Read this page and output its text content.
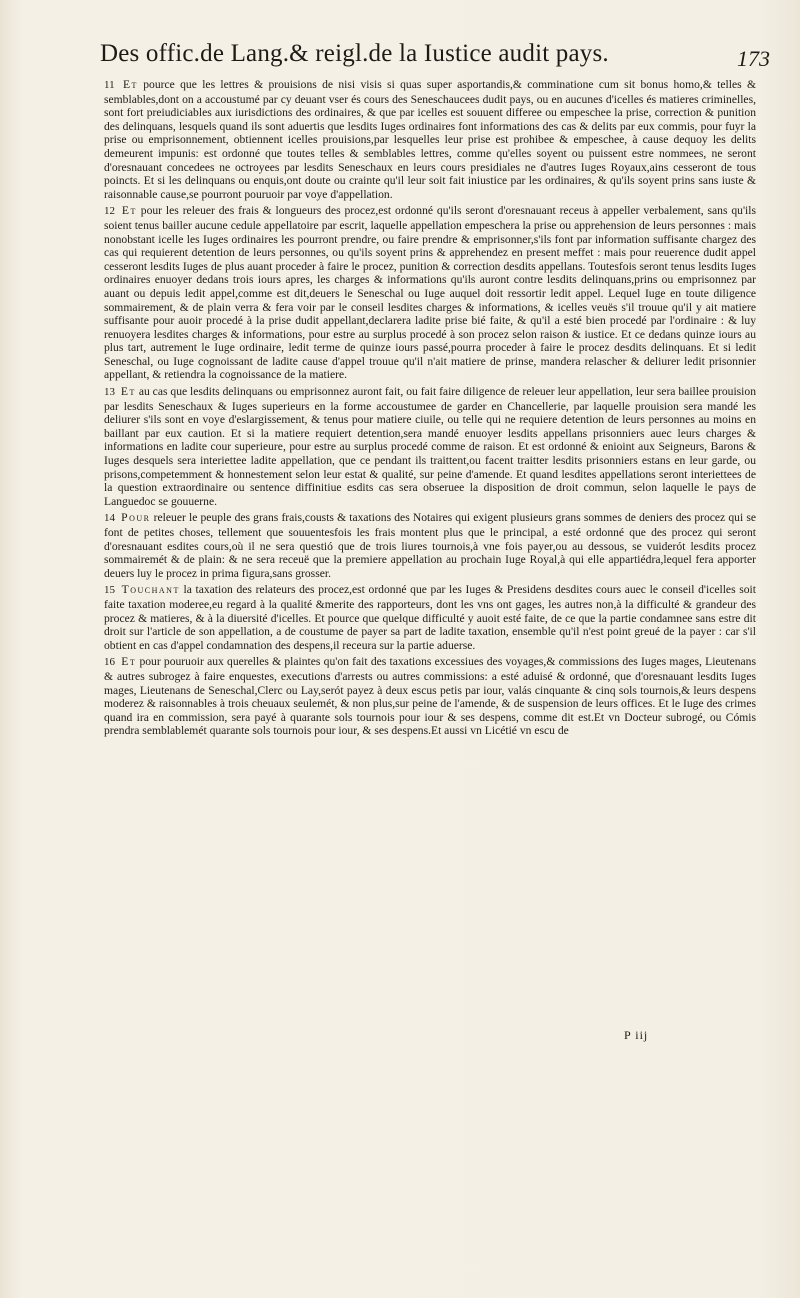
Des offic.de Lang.& reigl.de la Iustice audit pays.	173

11 Et pource que les lettres & prouisions de nisi visis si quas super asportandis,& comminatione cum sit bonus homo,& telles & semblables,dont on a accoustumé par cy deuant vser és cours des Seneschaucees dudit pays, ou en aucunes d'icelles és matieres criminelles, sont fort preiudiciables aux iurisdictions des ordinaires, & que par icelles est souuent differee ou empeschee la prise, correction & punition des delinquans, lesquels quand ils sont aduertis que lesdits Iuges ordinaires font informations des cas & delits par eux commis, pour fuyr la prise ou emprisonnement, obtiennent icelles prouisions,par lesquelles leur prise est prohibee & empeschee, à cause dequoy les delits demeurent impunis: est ordonné que toutes telles & semblables lettres, comme qu'elles soyent ou puissent estre nommees, ne seront d'oresnauant concedees ne octroyees par lesdits Seneschaux en leurs cours presidiales ne d'autres Iuges Royaux,ains cesseront de tous poincts. Et si les delinquans ou enquis,ont doute ou crainte qu'il leur soit fait iniustice par les ordinaires, & qu'ils soyent prins sans iuste & raisonnable cause,se pourront pouruoir par voye d'appellation.

12 Et pour les releuer des frais & longueurs des procez,est ordonné qu'ils seront d'oresnauant receus à appeller verbalement, sans qu'ils soient tenus bailler aucune cedule appellatoire par escrit, laquelle appellation empeschera la prise ou apprehension de leurs personnes : mais nonobstant icelle les Iuges ordinaires les pourront prendre, ou faire prendre & emprisonner,s'ils font par information suffisante chargez des cas qui requierent detention de leurs personnes, ou qu'ils soyent prins & apprehendez en present meffet : mais pour reuerence dudit appel cesseront lesdits Iuges de plus auant proceder à faire le procez, punition & correction desdits appellans. Toutesfois seront tenus lesdits Iuges ordinaires enuoyer dedans trois iours apres, les charges & informations qu'ils auront contre lesdits delinquans,prins ou emprisonnez par auant ou depuis ledit appel,comme est dit,deuers le Seneschal ou Iuge auquel doit ressortir ledit appel. Lequel Iuge en toute diligence sommairement, & de plain verra & fera voir par le conseil lesdites charges & informations, & icelles veuës s'il trouue qu'il y ait matiere suffisante pour auoir procedé à la prise dudit appellant,declarera ladite prise bié faite, & qu'il a esté bien procedé par l'ordinaire : & luy renuoyera lesdites charges & informations, pour estre au surplus procedé à son procez selon raison & iustice. Et ce dedans quinze iours au plus tart, autrement le Iuge ordinaire, ledit terme de quinze iours passé,pourra proceder à faire le procez desdits delinquans. Et si ledit Seneschal, ou Iuge cognoissant de ladite cause d'appel trouue qu'il n'ait matiere de prinse, mandera relascher & deliurer ledit prisonnier appellant, & retiendra la cognoissance de la matiere.

13 Et au cas que lesdits delinquans ou emprisonnez auront fait, ou fait faire diligence de releuer leur appellation, leur sera baillee prouision par lesdits Seneschaux & Iuges superieurs en la forme accoustumee de garder en Chancellerie, par laquelle prouision sera mandé les deliurer s'ils sont en voye d'eslargissement, & tenus pour matiere ciuile, ou telle qui ne requiere detention de leurs personnes au moins en baillant par eux caution. Et si la matiere requiert detention,sera mandé enuoyer lesdits appellans prisonniers auec leurs charges & informations en ladite cour superieure, pour estre au surplus procedé comme de raison. Et est ordonné & enioint aux Seigneurs, Barons & Iuges desquels sera interiettee ladite appellation, que ce pendant ils traittent,ou facent traitter lesdits prisonniers estans en leur garde, ou prisons,competemment & honnestement selon leur estat & qualité, sur peine d'amende. Et quand lesdites appellations seront interiettees de la question extraordinaire ou sentence diffinitiue esdits cas sera obseruee la disposition de droit commun, selon laquelle le pays de Languedoc se gouuerne.

14 Pour releuer le peuple des grans frais,cousts & taxations des Notaires qui exigent plusieurs grans sommes de deniers des procez qui se font de petites choses, tellement que souuentesfois les frais montent plus que le principal, a esté ordonné que des procez qui seront d'oresnauant esdites cours,où il ne sera questió que de trois liures tournois,à vne fois payer,ou au dessous, se vuiderót lesdits procez sommairemét & de plain: & ne sera receuë que la premiere appellation au prochain Iuge Royal,à qui elle appartiédra,lequel fera apporter deuers luy le procez in prima figura,sans grosser.

15 Touchant la taxation des relateurs des procez,est ordonné que par les Iuges & Presidens desdites cours auec le conseil d'icelles soit faite taxation moderee,eu regard à la qualité &merite des rapporteurs, dont les vns ont gages, les autres non,à la difficulté & grandeur des procez & matieres, & à la diuersité d'icelles. Et pource que quelque difficulté y auoit esté faite, de ce que la partie condamnee sans estre dit droit sur l'article de son appellation, a de coustume de payer sa part de ladite taxation, ensemble qu'il n'est point greué de la payer : car s'il obtient en cas d'appel condamnation des despens,il receura sur la partie aduerse.

16 Et pour pouruoir aux querelles & plaintes qu'on fait des taxations excessiues des voyages,& commissions des Iuges mages, Lieutenans & autres subrogez à faire enquestes, executions d'arrests ou autres commissions: a esté aduisé & ordonné, que d'oresnauant lesdits Iuges mages, Lieutenans de Seneschal,Clerc ou Lay,serót payez à deux escus petis par iour, valás cinquante & cinq sols tournois,& leurs despens moderez & raisonnables à trois cheuaux seulemét, & non plus,sur peine de l'amende, & de suspension de leurs offices. Et le Iuge des crimes quand ira en commission, sera payé à quarante sols tournois pour iour & ses despens, comme dit est.Et vn Docteur subrogé, ou Cómis prendra semblablemét quarante sols tournois pour iour, & ses despens.Et aussi vn Licétié vn escu de

P iij
